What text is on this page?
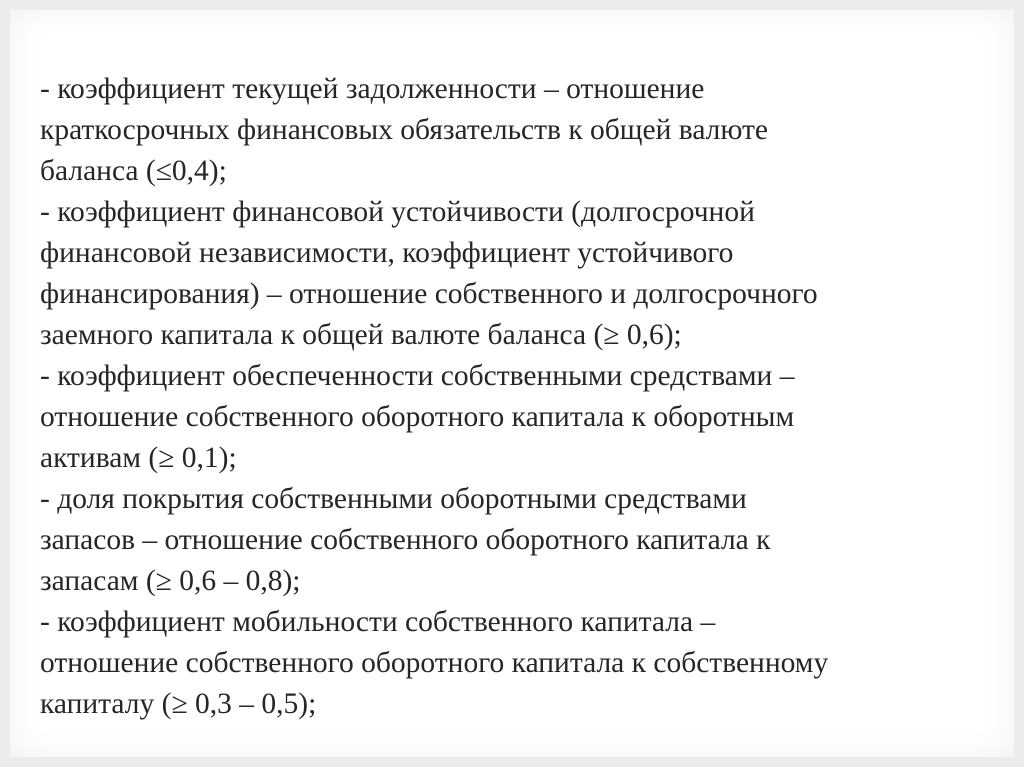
- коэффициент текущей задолженности – отношение
краткосрочных финансовых обязательств к общей валюте
баланса (≤0,4);
- коэффициент финансовой устойчивости (долгосрочной
финансовой независимости, коэффициент устойчивого
финансирования) – отношение собственного и долгосрочного
заемного капитала к общей валюте баланса (≥ 0,6);
- коэффициент обеспеченности собственными средствами –
отношение собственного оборотного капитала к оборотным
активам (≥ 0,1);
- доля покрытия собственными оборотными средствами
запасов – отношение собственного оборотного капитала к
запасам (≥ 0,6 – 0,8);
- коэффициент мобильности собственного капитала –
отношение собственного оборотного капитала к собственному
капиталу (≥ 0,3 – 0,5);
